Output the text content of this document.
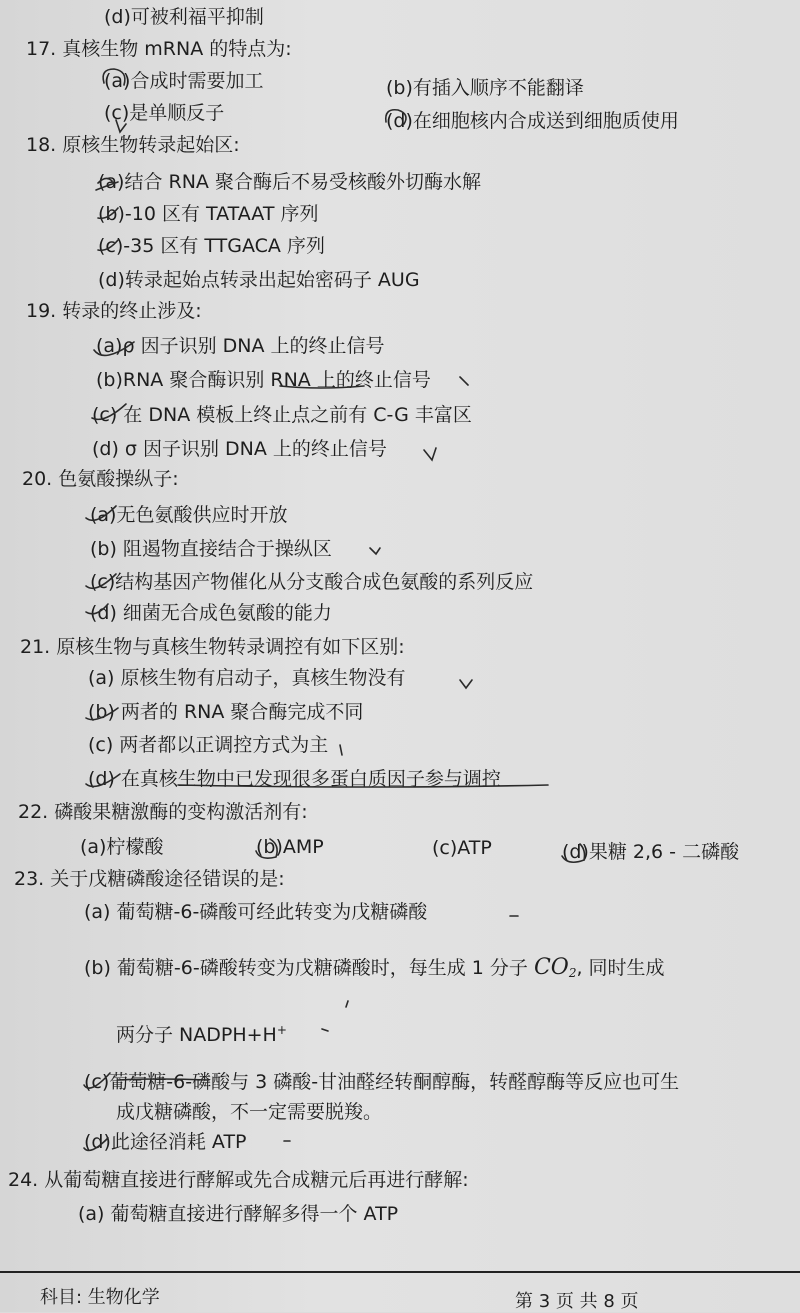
(d)可被利福平抑制
17. 真核生物 mRNA 的特点为:
(a)合成时需要加工	(b)有插入顺序不能翻译
(c)是单顺反子	(d)在细胞核内合成送到细胞质使用
18. 原核生物转录起始区:
(a)结合 RNA 聚合酶后不易受核酸外切酶水解
(b)-10 区有 TATAAT 序列
(c)-35 区有 TTGACA 序列
(d)转录起始点转录出起始密码子 AUG
19. 转录的终止涉及:
(a)ρ 因子识别 DNA 上的终止信号
(b)RNA 聚合酶识别 RNA 上的终止信号
(c) 在 DNA 模板上终止点之前有 C-G 丰富区
(d) σ 因子识别 DNA 上的终止信号
20. 色氨酸操纵子:
(a)无色氨酸供应时开放
(b) 阻遏物直接结合于操纵区
(c)结构基因产物催化从分支酸合成色氨酸的系列反应
(d) 细菌无合成色氨酸的能力
21. 原核生物与真核生物转录调控有如下区别:
(a) 原核生物有启动子，真核生物没有
(b) 两者的 RNA 聚合酶完成不同
(c) 两者都以正调控方式为主
(d) 在真核生物中已发现很多蛋白质因子参与调控
22. 磷酸果糖激酶的变构激活剂有:
(a)柠檬酸	(b)AMP	(c)ATP	(d)果糖 2,6 - 二磷酸
23. 关于戊糖磷酸途径错误的是:
(a) 葡萄糖-6-磷酸可经此转变为戊糖磷酸
(b) 葡萄糖-6-磷酸转变为戊糖磷酸时，每生成 1 分子 $CO_2$, 同时生成
两分子 NADPH+H+
(c)葡萄糖-6-磷酸与 3 磷酸-甘油醛经转酮醇酶，转醛醇酶等反应也可生
成戊糖磷酸，不一定需要脱羧。
(d)此途径消耗 ATP
24. 从葡萄糖直接进行酵解或先合成糖元后再进行酵解:
(a) 葡萄糖直接进行酵解多得一个 ATP
科目: 生物化学	第 3 页 共 8 页
